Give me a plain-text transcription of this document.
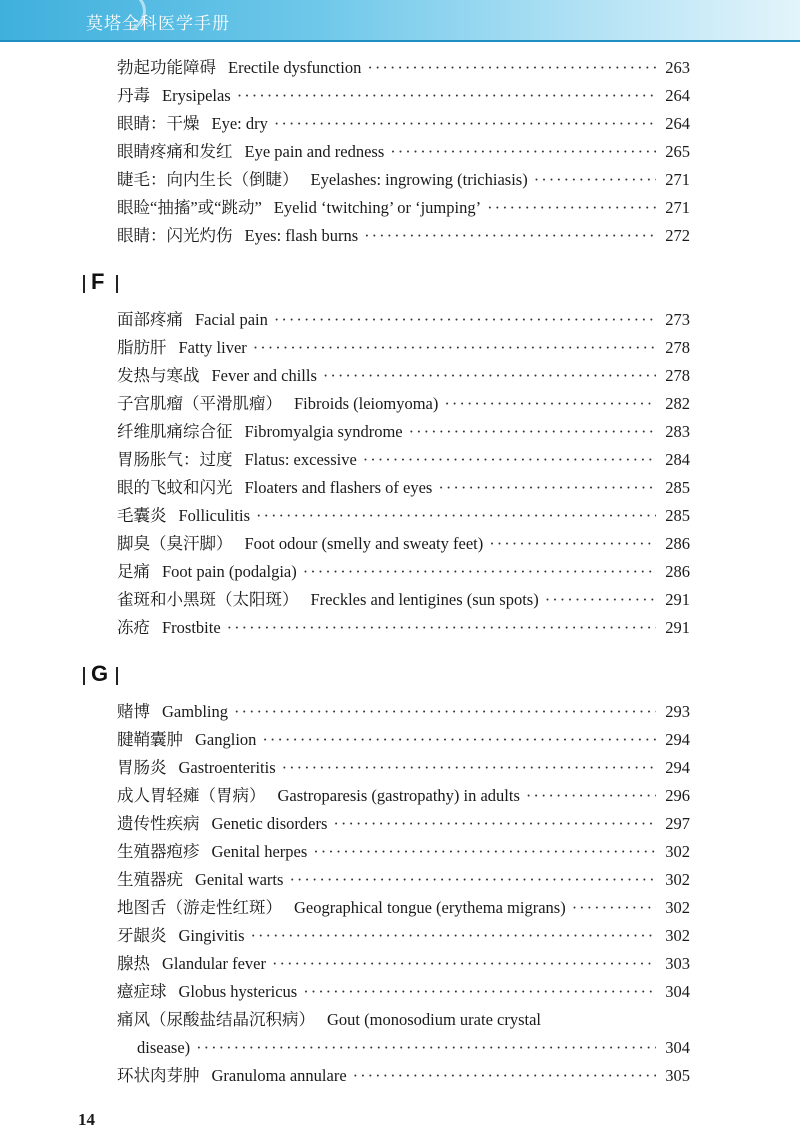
莫塔全科医学手册
勃起功能障碍 Erectile dysfunction ·····	263
丹毒 Erysipelas ·····	264
眼睛：干燥 Eye: dry ·····	264
眼睛疼痛和发红 Eye pain and redness ·····	265
睫毛：向内生长（倒睫） Eyelashes: ingrowing (trichiasis) ·····	271
眼睑“抽搐”或“跳动” Eyelid ‘twitching’ or ‘jumping’ ·····	271
眼睛：闪光灼伤 Eyes: flash burns ·····	272
F
面部疼痛 Facial pain ·····	273
脂肪肝 Fatty liver ·····	278
发热与寒战 Fever and chills ·····	278
子宫肌瘤（平滑肌瘤） Fibroids (leiomyoma) ·····	282
纤维肌痛综合征 Fibromyalgia syndrome ·····	283
胃肠胀气：过度 Flatus: excessive ·····	284
眼的飞蚊和闪光 Floaters and flashers of eyes ·····	285
毛囊炎 Folliculitis ·····	285
脚臭（臭汗脚） Foot odour (smelly and sweaty feet) ·····	286
足痛 Foot pain (podalgia) ·····	286
雀斑和小黑斑（太阳斑） Freckles and lentigines (sun spots) ·····	291
冻疮 Frostbite ·····	291
G
赌博 Gambling ·····	293
腱鞘囊肿 Ganglion ·····	294
胃肠炎 Gastroenteritis ·····	294
成人胃轻瘫（胃病） Gastroparesis (gastropathy) in adults ·····	296
遗传性疾病 Genetic disorders ·····	297
生殖器疱疹 Genital herpes ·····	302
生殖器疣 Genital warts ·····	302
地图舌（游走性红斑） Geographical tongue (erythema migrans) ·····	302
牙龈炎 Gingivitis ·····	302
腺热 Glandular fever ·····	303
癔症球 Globus hystericus ·····	304
痛风（尿酸盐结晶沉积病） Gout (monosodium urate crystal
disease) ·····	304
环状肉芽肿 Granuloma annulare ·····	305
14
